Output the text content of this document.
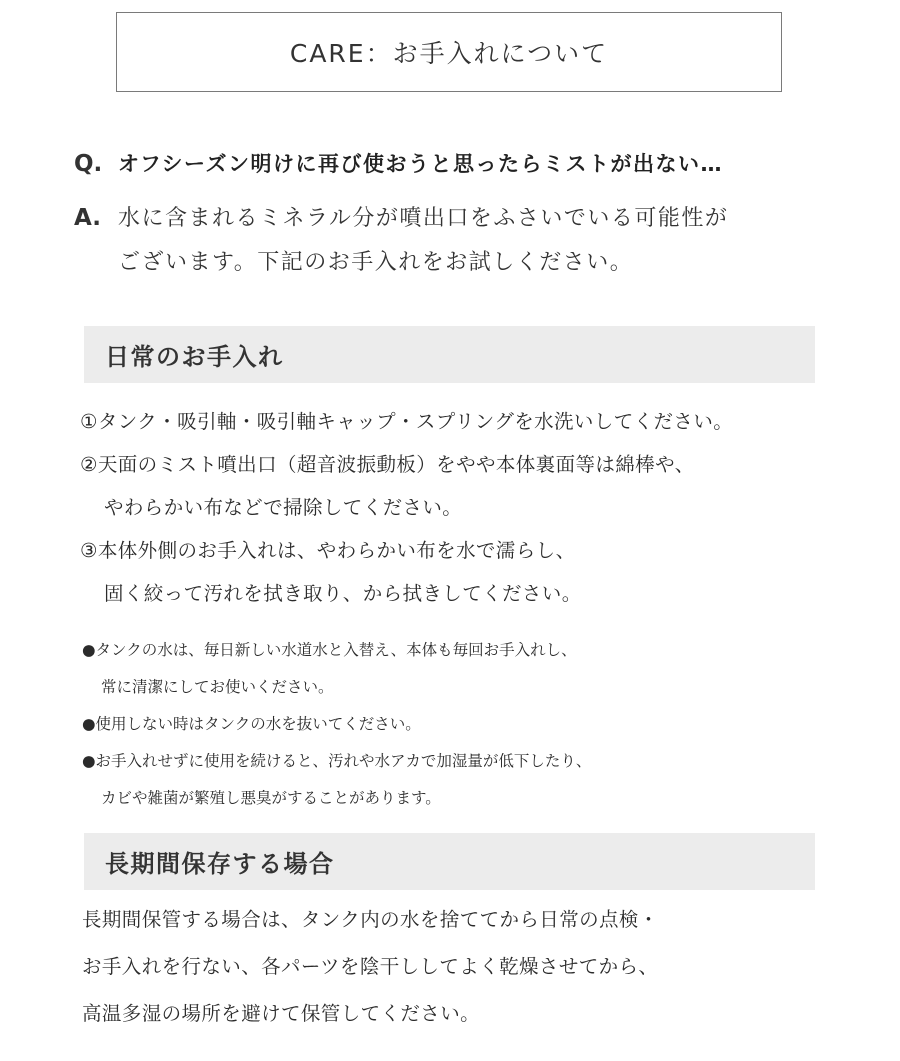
CARE：お手入れについて
Q. オフシーズン明けに再び使おうと思ったらミストが出ない…
A. 水に含まれるミネラル分が噴出口をふさいでいる可能性が
ございます。下記のお手入れをお試しください。
日常のお手入れ
①タンク・吸引軸・吸引軸キャップ・スプリングを水洗いしてください。
②天面のミスト噴出口（超音波振動板）をやや本体裏面等は綿棒や、
やわらかい布などで掃除してください。
③本体外側のお手入れは、やわらかい布を水で濡らし、
固く絞って汚れを拭き取り、から拭きしてください。
●タンクの水は、毎日新しい水道水と入替え、本体も毎回お手入れし、
常に清潔にしてお使いください。
●使用しない時はタンクの水を抜いてください。
●お手入れせずに使用を続けると、汚れや水アカで加湿量が低下したり、
カビや雑菌が繁殖し悪臭がすることがあります。
長期間保存する場合
長期間保管する場合は、タンク内の水を捨ててから日常の点検・
お手入れを行ない、各パーツを陰干ししてよく乾燥させてから、
高温多湿の場所を避けて保管してください。
